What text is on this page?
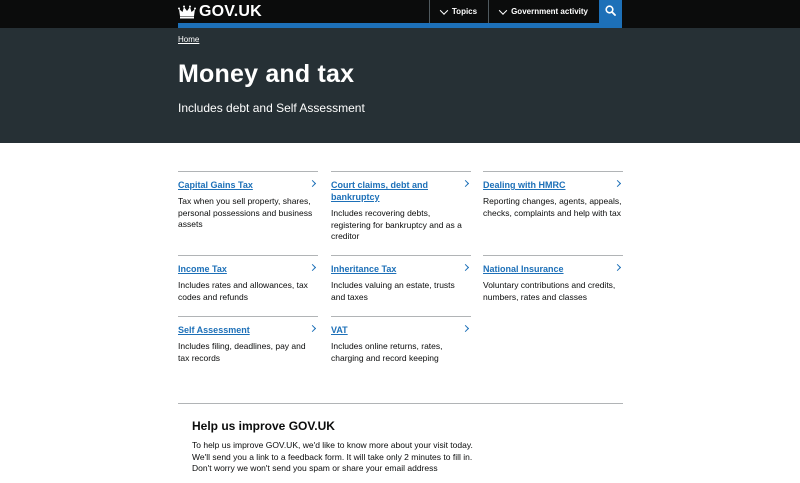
GOV.UK	Topics	Government activity
Home
Money and tax

Includes debt and Self Assessment

Capital Gains Tax

Tax when you sell property, shares, personal possessions and business assets

Court claims, debt and bankruptcy

Includes recovering debts, registering for bankruptcy and as a creditor

Dealing with HMRC

Reporting changes, agents, appeals, checks, complaints and help with tax

Income Tax

Includes rates and allowances, tax codes and refunds

Inheritance Tax

Includes valuing an estate, trusts and taxes

National Insurance

Voluntary contributions and credits, numbers, rates and classes

Self Assessment

Includes filing, deadlines, pay and tax records

VAT

Includes online returns, rates, charging and record keeping

Help us improve GOV.UK

To help us improve GOV.UK, we'd like to know more about your visit today. We'll send you a link to a feedback form. It will take only 2 minutes to fill in. Don't worry we won't send you spam or share your email address
